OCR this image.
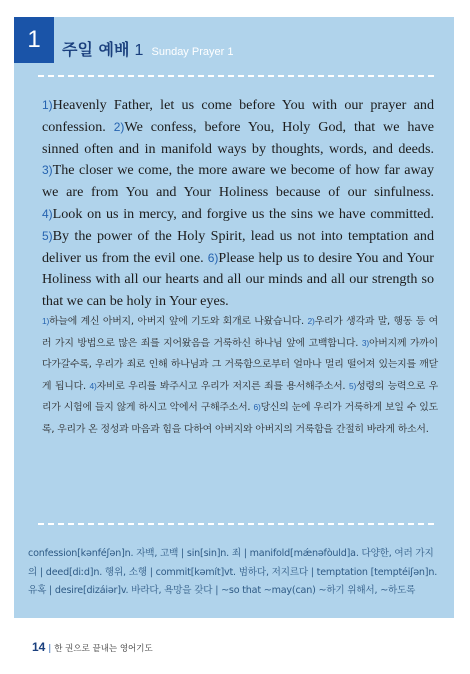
1 주일 예배 1 Sunday Prayer 1

1)Heavenly Father, let us come before You with our prayer and confession. 2)We confess, before You, Holy God, that we have sinned often and in manifold ways by thoughts, words, and deeds. 3)The closer we come, the more aware we become of how far away we are from You and Your Holiness because of our sinfulness. 4)Look on us in mercy, and forgive us the sins we have committed. 5)By the power of the Holy Spirit, lead us not into temptation and deliver us from the evil one. 6)Please help us to desire You and Your Holiness with all our hearts and all our minds and all our strength so that we can be holy in Your eyes.

1)하늘에 계신 아버지, 아버지 앞에 기도와 회개로 나왔습니다. 2)우리가 생각과 말, 행동 등 여러 가지 방법으로 많은 죄를 지어왔음을 거룩하신 하나님 앞에 고백합니다. 3)아버지께 가까이 다가갈수록, 우리가 죄로 인해 하나님과 그 거룩함으로부터 얼마나 멀리 떨어져 있는지를 깨닫게 됩니다. 4)자비로 우리를 봐주시고 우리가 저지른 죄를 용서해주소서. 5)성령의 능력으로 우리가 시험에 들지 않게 하시고 악에서 구해주소서. 6)당신의 눈에 우리가 거룩하게 보일 수 있도록, 우리가 온 정성과 마음과 힘을 다하여 아버지와 아버지의 거룩함을 간절히 바라게 하소서.

confession[kənféʃən]n. 자백, 고백 | sin[sin]n. 죄 | manifold[mǽnəfòuld]a. 다양한, 여러 가지의 | deed[diːd]n. 행위, 소행 | commit[kəmít]vt. 범하다, 저지르다 | temptation [temptéiʃən]n. 유혹 | desire[dizáiər]v. 바라다, 욕망을 갖다 | ~so that ~may(can) ~하기 위해서, ~하도록

14 | 한 권으로 끝내는 영어기도
